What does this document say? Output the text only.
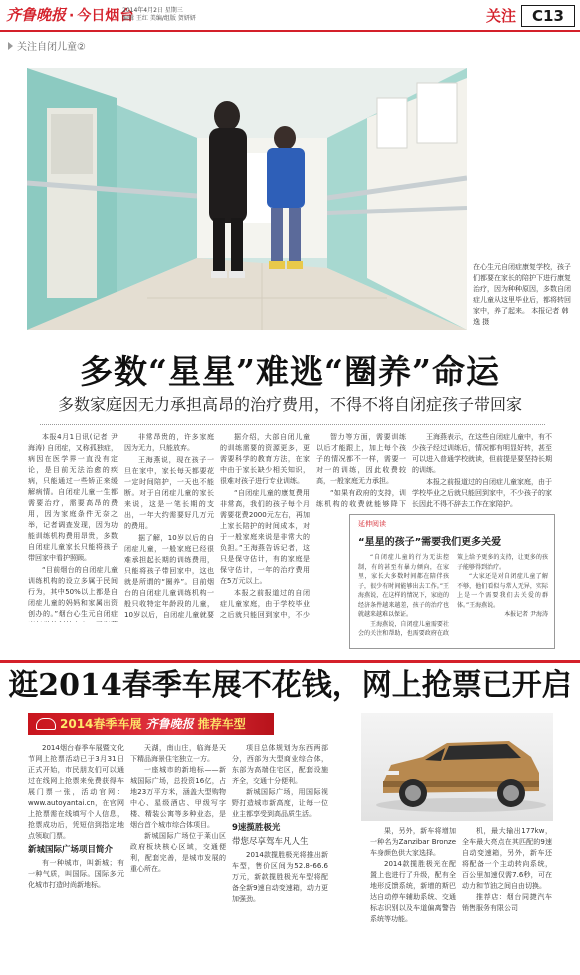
齐鲁晚报 · 今日烟台
2014年4月2日 星期三
编辑 王红 美编/组版 贺妍妍	关注	C13
关注自闭儿童②
在心生元自闭症康复学校，孩子们都要在家长的陪护下进行康复治疗，因为种种原因，多数自闭症儿童从这里毕业后，都将转回家中，养了起来。 本报记者 韩逸 摄
多数“星星”难逃“圈养”命运
多数家庭因无力承担高昂的治疗费用，不得不将自闭症孩子带回家

本报4月1日讯(记者 尹海涛) 自闭症，又称孤独症，病因在医学界一直没有定论，是目前无法治愈的疾病，只能通过一些矫正来缓解病情。自闭症儿童一生都需要治疗，需要高昂的费用，因为家庭条件无奈之举，记者调查发现，因为功能训练机构费用昂贵，多数自闭症儿童家长只能将孩子带回家中看护照顾。

“目前烟台的自闭症儿童训练机构的设立多属于民间行为，其中50%以上都是自闭症儿童的妈妈和家属出资创办的。”烟台心生元自闭症

非常昂贵的，许多家庭因为无力，只能放弃。

王海燕说，现在孩子一旦在家中，家长每天都要花一定时间陪护，一天也不能断。对于自闭症儿童的家长来说，这是一笔长期的支出，一年大约需要好几万元的费用。

据了解，10岁以后的自闭症儿童，一般家庭已经很难承担起长期的训练费用，只能将孩子带回家中，这也就是所谓的“圈养”。目前烟台的自闭症儿童训练机构一般只收特定年龄段的儿童，10岁以后，自闭症儿童就要

据介绍，大部自闭儿童的训练需要的资源更多，更需要科学的教育方法，在家中由于家长缺少相关知识，很难对孩子进行专业训练。

“自闭症儿童的康复费用非常高，我们的孩子每个月需要花费2000元左右，再加上家长陪护的时间成本，对于一般家庭来说是非常大的负担。”王海燕告诉记者，这只是保守估计，有的家庭是保守估计，一年的治疗费用在5万元以上。

本报之前报道过的自闭症儿童家庭，由于学校毕业之后就只能回到家中，不少

智力等方面，需要训练以后才能跟上，加上每个孩子的情况都不一样，需要一对一的训练，因此收费较高，一般家庭无力承担。

“如果有政府的支持，训练机构的收费就能够降下

王海燕表示，在这些自闭症儿童中，有不少孩子经过训练后，情况都有明显好转，甚至可以进入普通学校就读，但前提是要坚持长期的训练。

本报之前报道过的自闭症儿童家庭，由于学校毕业之后就只能回到家中，不少孩子的家长因此不得不辞去工作在家陪护。

延伸阅读
“星星的孩子”需要我们更多关爱

“自闭症儿童的行为无法控制，有的甚至有暴力倾向，在家里，家长大多数时间都在陪伴孩子，很少有时间能够出去工作。”王海燕说，在这样的情况下，家庭的经济条件越来越差，孩子的治疗也就越来越难以保证。

王海燕说，自闭症儿童需要社会的关注和帮助，也需要政府在政策上给予更多的支持，让更多的孩子能够得到治疗。

“大家还是对自闭症儿童了解不够，他们看似与常人无异，实际上是一个需要我们去关爱的群体。”王海燕说。

本报记者 尹海涛

逛2014春季车展不花钱，网上抢票已开启
2014春季车展 齐鲁晚报 推荐车型

2014烟台春季车展暨文化节网上抢票活动已于3月31日正式开始，市民朋友们可以通过在线网上抢票来免费获得车展门票一张，活动官网：www.autoyantai.cn，在官网上抢票需在线填写个人信息，抢票成功后，凭短信到指定地点领取门票。

新城国际广场项目简介

有一种城市，叫新城；有一种气质，叫国际。国际多元化城市打造时尚新地标。

天湖，南山庄，临海是天下精品海景住宅独立一方。

一座城市的新地标——新城国际广场，总投资16亿，占地23万平方米，涵盖大型购物中心、星级酒店、甲级写字楼、精装公寓等多种业态，是烟台首个城市综合体项目。

新城国际广场位于莱山区政府板块核心区域，交通便利，配套完善，是城市发展的重心所在。

项目总体规划为东西两部分，西部为大型商业综合体，东部为高端住宅区，配套设施齐全，交通十分便利。

新城国际广场，用国际视野打造城市新高度，让每一位业主都享受到高品质生活。

9速揽胜极光

带您尽享驾车凡人生

2014款揽胜极光将推出新车型，售价区间为52.8-66.6万元，新款揽胜极光车型将配备全新9速自动变速箱，动力更加强劲。

果，另外，新车将增加一种名为Zanzibar Bronze车身颜色供大家选择。

2014款揽胜极光在配置上也进行了升级，配有全地形反馈系统，新增的斯巴达自动停车辅助系统、交通标志识别以及车道偏离警告系统等功能。

机，最大输出177kw，全车最大亮点在其匹配的9速自动变速箱，另外，新车还将配备一个主动转向系统，百公里加速仅需7.6秒，可在动力和节油之间自由切换。

推荐店：烟台同捷汽车销售服务有限公司
